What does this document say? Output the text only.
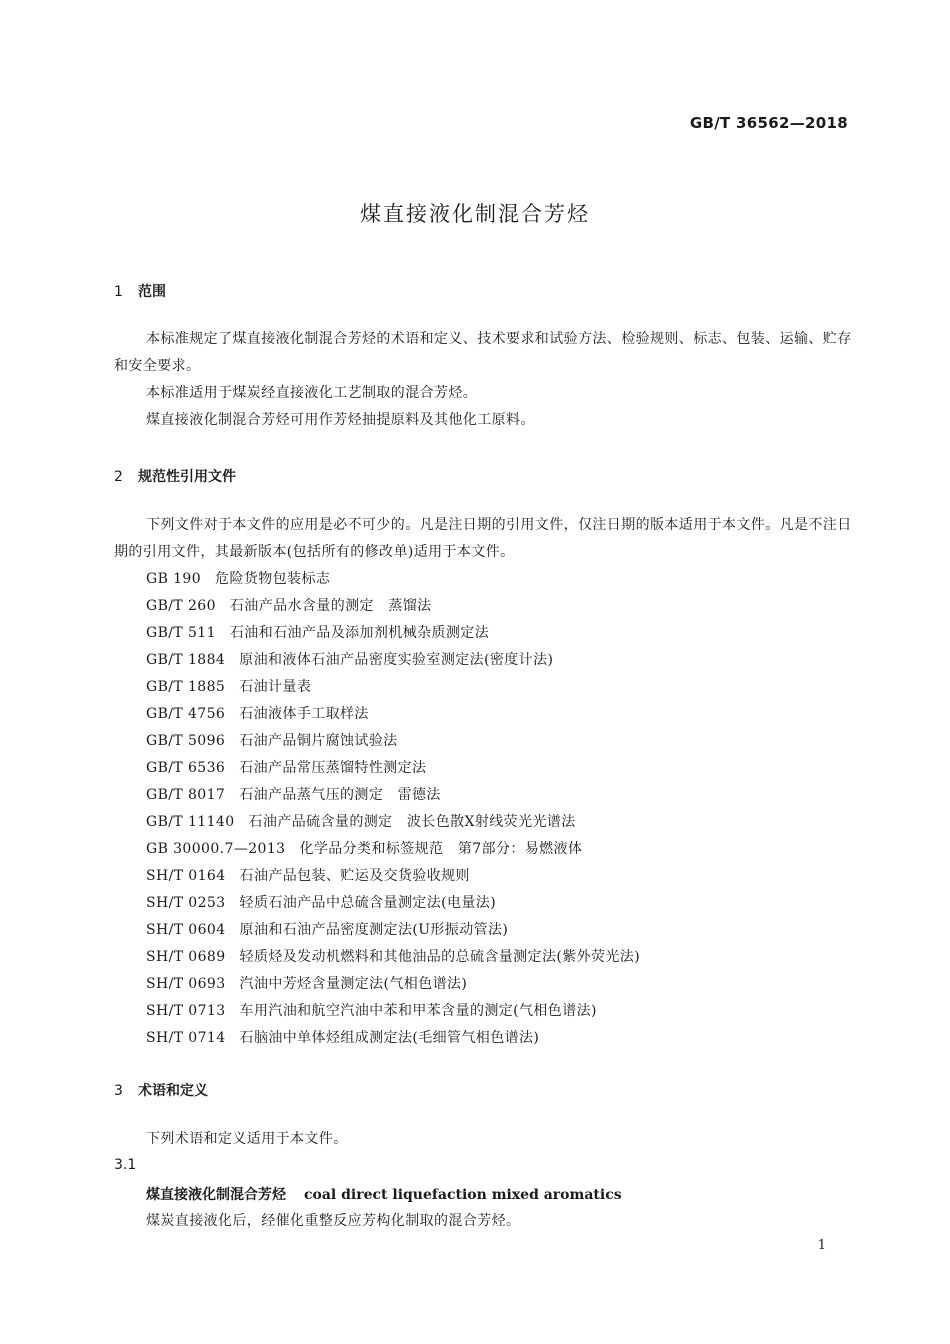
GB/T 36562—2018
煤直接液化制混合芳烃
1 范围

本标准规定了煤直接液化制混合芳烃的术语和定义、技术要求和试验方法、检验规则、标志、包装、运输、贮存和安全要求。

本标准适用于煤炭经直接液化工艺制取的混合芳烃。
煤直接液化制混合芳烃可用作芳烃抽提原料及其他化工原料。
2 规范性引用文件

下列文件对于本文件的应用是必不可少的。凡是注日期的引用文件，仅注日期的版本适用于本文件。凡是不注日期的引用文件，其最新版本(包括所有的修改单)适用于本文件。

GB 190 危险货物包装标志
GB/T 260 石油产品水含量的测定　蒸馏法
GB/T 511 石油和石油产品及添加剂机械杂质测定法
GB/T 1884 原油和液体石油产品密度实验室测定法(密度计法)
GB/T 1885 石油计量表
GB/T 4756 石油液体手工取样法
GB/T 5096 石油产品铜片腐蚀试验法
GB/T 6536 石油产品常压蒸馏特性测定法
GB/T 8017 石油产品蒸气压的测定　雷德法
GB/T 11140 石油产品硫含量的测定　波长色散X射线荧光光谱法
GB 30000.7—2013 化学品分类和标签规范　第7部分：易燃液体
SH/T 0164 石油产品包装、贮运及交货验收规则
SH/T 0253 轻质石油产品中总硫含量测定法(电量法)
SH/T 0604 原油和石油产品密度测定法(U形振动管法)
SH/T 0689 轻质烃及发动机燃料和其他油品的总硫含量测定法(紫外荧光法)
SH/T 0693 汽油中芳烃含量测定法(气相色谱法)
SH/T 0713 车用汽油和航空汽油中苯和甲苯含量的测定(气相色谱法)
SH/T 0714 石脑油中单体烃组成测定法(毛细管气相色谱法)
3 术语和定义
下列术语和定义适用于本文件。
3.1
煤直接液化制混合芳烃 coal direct liquefaction mixed aromatics
煤炭直接液化后，经催化重整反应芳构化制取的混合芳烃。
1
